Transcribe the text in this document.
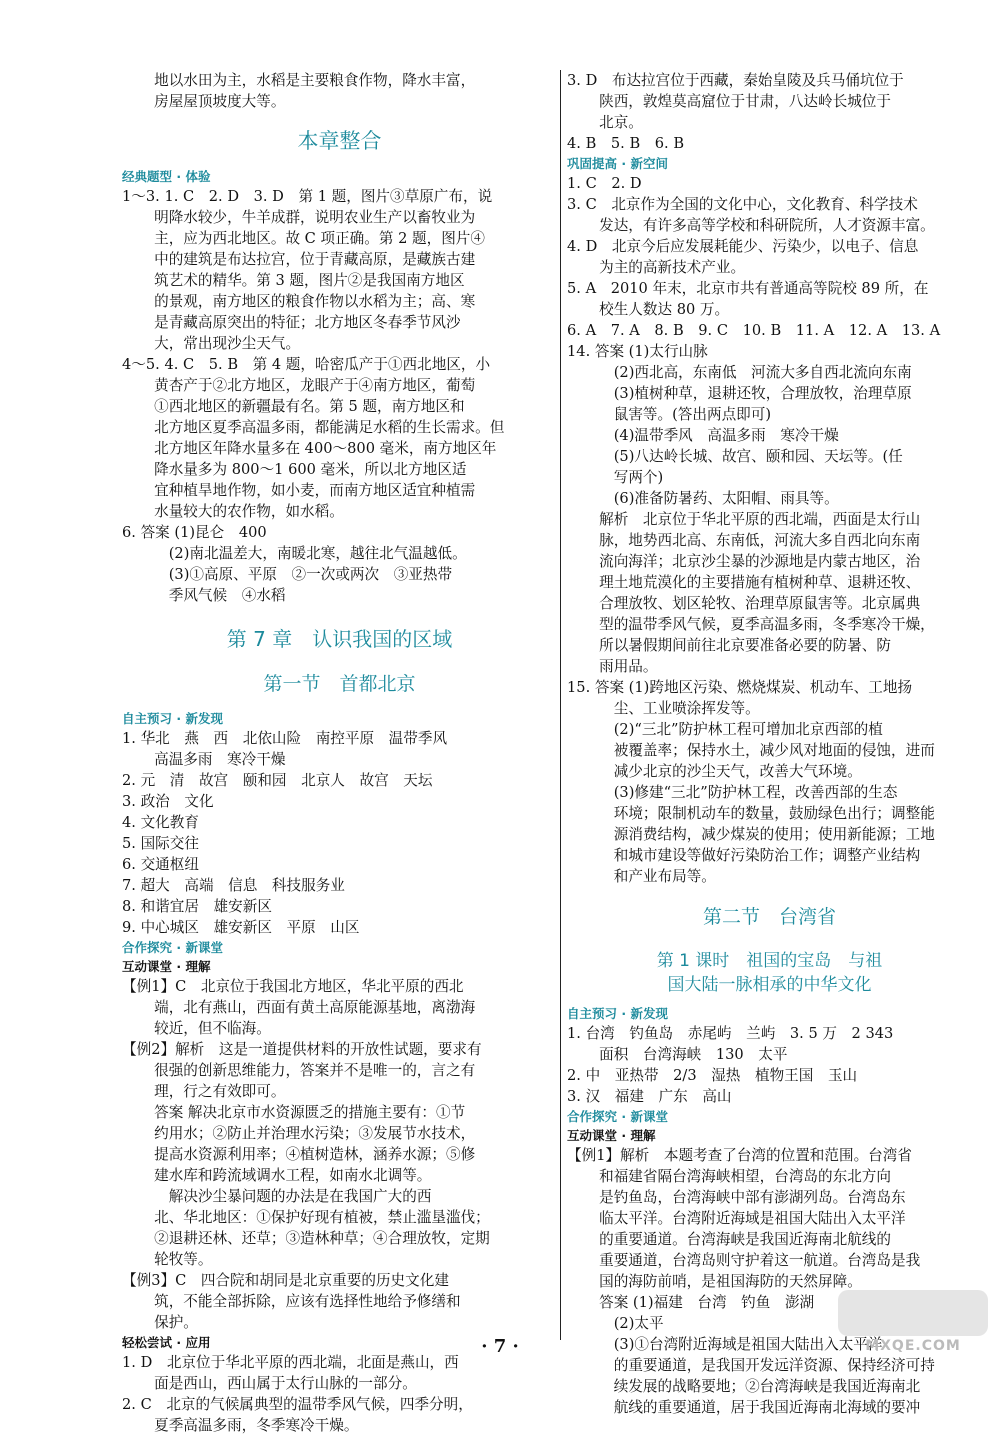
地以水田为主，水稻是主要粮食作物，降水丰富，
房屋屋顶坡度大等。
本章整合
经典题型 · 体验
1～3. 1. C　2. D　3. D　第 1 题，图片③草原广布，说
明降水较少，牛羊成群，说明农业生产以畜牧业为
主，应为西北地区。故 C 项正确。第 2 题，图片④
中的建筑是布达拉宫，位于青藏高原，是藏族古建
筑艺术的精华。第 3 题，图片②是我国南方地区
的景观，南方地区的粮食作物以水稻为主；高、寒
是青藏高原突出的特征；北方地区冬春季节风沙
大，常出现沙尘天气。
4～5. 4. C　5. B　第 4 题，哈密瓜产于①西北地区，小
黄杏产于②北方地区，龙眼产于④南方地区，葡萄
①西北地区的新疆最有名。第 5 题，南方地区和
北方地区夏季高温多雨，都能满足水稻的生长需求。但
北方地区年降水量多在 400～800 毫米，南方地区年
降水量多为 800～1 600 毫米，所以北方地区适
宜种植旱地作物，如小麦，而南方地区适宜种植需
水量较大的农作物，如水稻。
6. 答案 (1)昆仑　400
(2)南北温差大，南暖北寒，越往北气温越低。
(3)①高原、平原　②一次或两次　③亚热带
季风气候　④水稻
第 7 章　认识我国的区域
第一节　首都北京
自主预习 · 新发现
1. 华北　燕　西　北依山险　南控平原　温带季风
高温多雨　寒冷干燥
2. 元　清　故宫　颐和园　北京人　故宫　天坛
3. 政治　文化
4. 文化教育
5. 国际交往
6. 交通枢纽
7. 超大　高端　信息　科技服务业
8. 和谐宜居　雄安新区
9. 中心城区　雄安新区　平原　山区
合作探究 · 新课堂
互动课堂 · 理解
【例1】C　北京位于我国北方地区，华北平原的西北
端，北有燕山，西面有黄土高原能源基地，离渤海
较近，但不临海。
【例2】解析　这是一道提供材料的开放性试题，要求有
很强的创新思维能力，答案并不是唯一的，言之有
理，行之有效即可。
答案 解决北京市水资源匮乏的措施主要有：①节
约用水；②防止并治理水污染；③发展节水技术，
提高水资源利用率；④植树造林，涵养水源；⑤修
建水库和跨流域调水工程，如南水北调等。
解决沙尘暴问题的办法是在我国广大的西
北、华北地区：①保护好现有植被，禁止滥垦滥伐；
②退耕还林、还草；③造林种草；④合理放牧，定期
轮牧等。
【例3】C　四合院和胡同是北京重要的历史文化建
筑，不能全部拆除，应该有选择性地给予修缮和
保护。
轻松尝试 · 应用
1. D　北京位于华北平原的西北端，北面是燕山，西
面是西山，西山属于太行山脉的一部分。
2. C　北京的气候属典型的温带季风气候，四季分明，
夏季高温多雨，冬季寒冷干燥。
3. D　布达拉宫位于西藏，秦始皇陵及兵马俑坑位于
陕西，敦煌莫高窟位于甘肃，八达岭长城位于
北京。
4. B　5. B　6. B
巩固提高 · 新空间
1. C　2. D
3. C　北京作为全国的文化中心，文化教育、科学技术
发达，有许多高等学校和科研院所，人才资源丰富。
4. D　北京今后应发展耗能少、污染少，以电子、信息
为主的高新技术产业。
5. A　2010 年末，北京市共有普通高等院校 89 所，在
校生人数达 80 万。
6. A　7. A　8. B　9. C　10. B　11. A　12. A　13. A
14. 答案 (1)太行山脉
(2)西北高，东南低　河流大多自西北流向东南
(3)植树种草，退耕还牧，合理放牧，治理草原
鼠害等。(答出两点即可)
(4)温带季风　高温多雨　寒冷干燥
(5)八达岭长城、故宫、颐和园、天坛等。(任
写两个)
(6)准备防暑药、太阳帽、雨具等。
解析　北京位于华北平原的西北端，西面是太行山
脉，地势西北高、东南低，河流大多自西北向东南
流向海洋；北京沙尘暴的沙源地是内蒙古地区，治
理土地荒漠化的主要措施有植树种草、退耕还牧、
合理放牧、划区轮牧、治理草原鼠害等。北京属典
型的温带季风气候，夏季高温多雨，冬季寒冷干燥，
所以暑假期间前往北京要准备必要的防暑、防
雨用品。
15. 答案 (1)跨地区污染、燃烧煤炭、机动车、工地扬
尘、工业喷涂挥发等。
(2)“三北”防护林工程可增加北京西部的植
被覆盖率；保持水土，减少风对地面的侵蚀，进而
减少北京的沙尘天气，改善大气环境。
(3)修建“三北”防护林工程，改善西部的生态
环境；限制机动车的数量，鼓励绿色出行；调整能
源消费结构，减少煤炭的使用；使用新能源；工地
和城市建设等做好污染防治工作；调整产业结构
和产业布局等。
第二节　台湾省
第 1 课时　祖国的宝岛　与祖
国大陆一脉相承的中华文化
自主预习 · 新发现
1. 台湾　钓鱼岛　赤尾屿　兰屿　3. 5 万　2 343
面积　台湾海峡　130　太平
2. 中　亚热带　2/3　湿热　植物王国　玉山
3. 汉　福建　广东　高山
合作探究 · 新课堂
互动课堂 · 理解
【例1】解析　本题考查了台湾的位置和范围。台湾省
和福建省隔台湾海峡相望，台湾岛的东北方向
是钓鱼岛，台湾海峡中部有澎湖列岛。台湾岛东
临太平洋。台湾附近海域是祖国大陆出入太平洋
的重要通道。台湾海峡是我国近海南北航线的
重要通道，台湾岛则守护着这一航道。台湾岛是我
国的海防前哨，是祖国海防的天然屏障。
答案 (1)福建　台湾　钓鱼　澎湖
(2)太平
(3)①台湾附近海域是祖国大陆出入太平洋
的重要通道，是我国开发远洋资源、保持经济可持
续发展的战略要地；②台湾海峡是我国近海南北
航线的重要通道，居于我国近海南北海域的要冲
· 7 ·	MXQE.COM
